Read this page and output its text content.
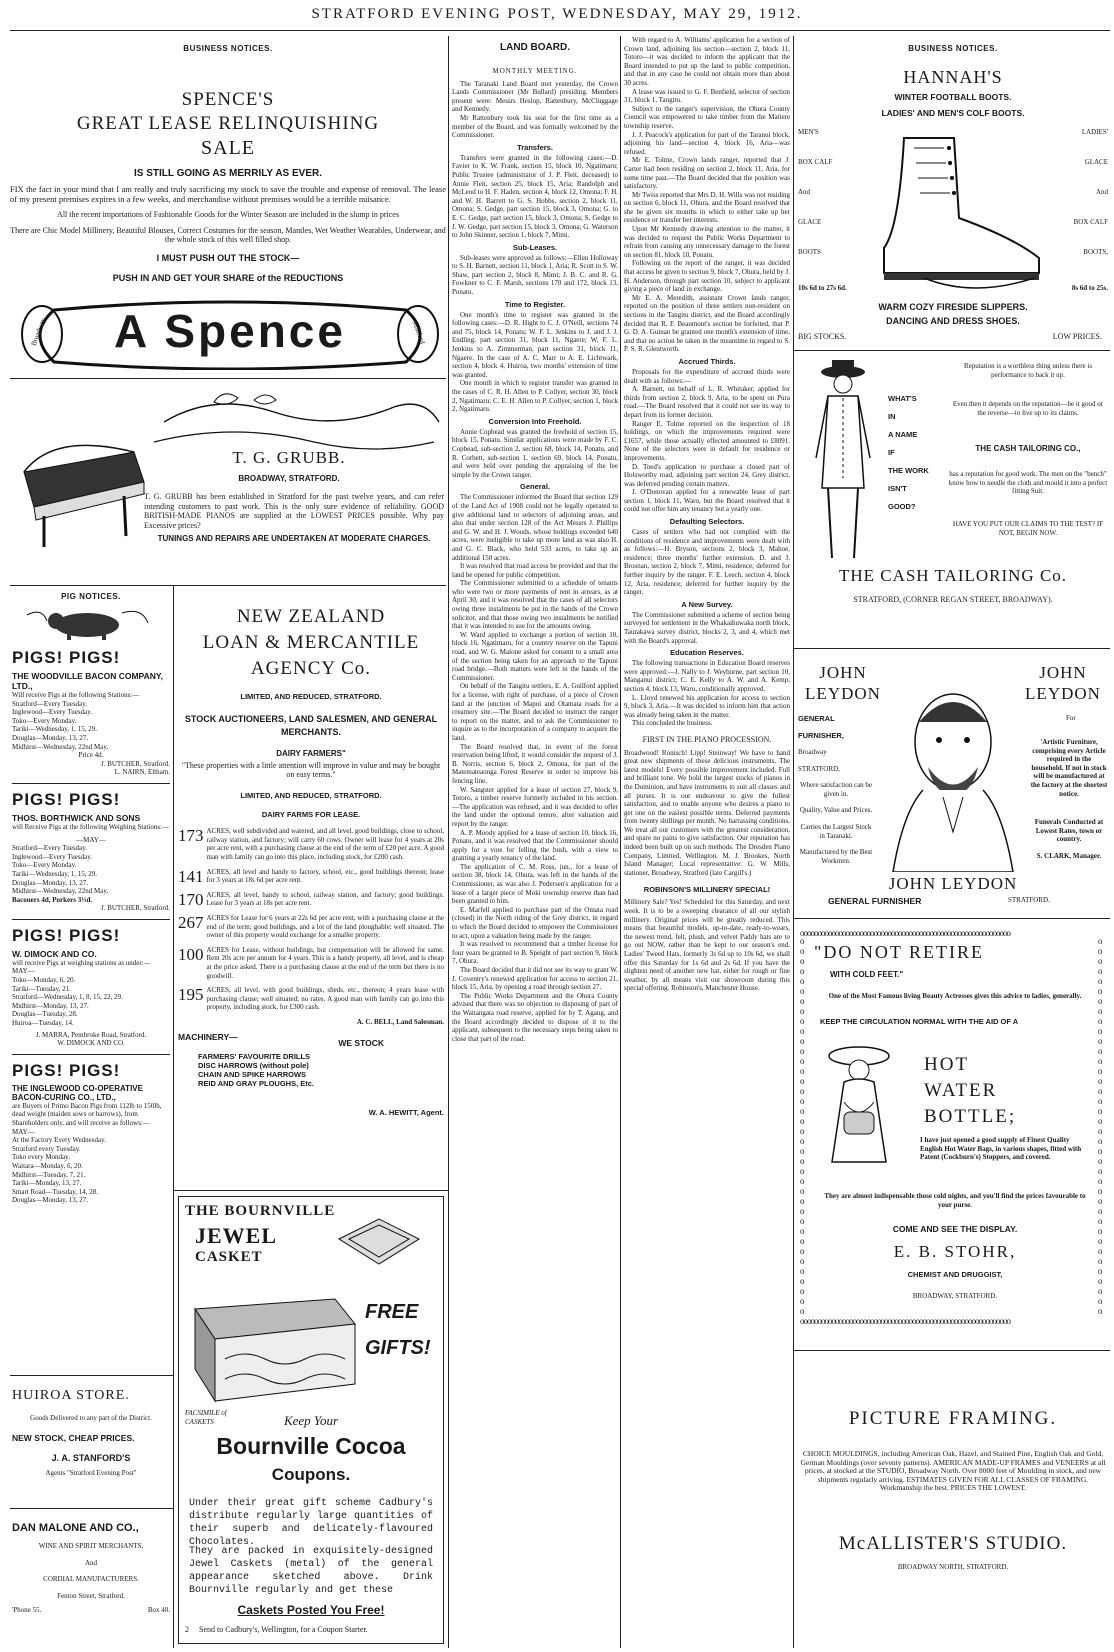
STRATFORD EVENING POST, WEDNESDAY, MAY 29, 1912.
BUSINESS NOTICES.
SPENCE'S
GREAT LEASE RELINQUISHING
SALE
IS STILL GOING AS MERRILY AS EVER.
FIX the fact in your mind that I am really and truly sacrificing my stock to save the trouble and expense of removal. The lease of my present premises expires in a few weeks, and merchandise without premises would be a terrible nuisance.
All the recent importations of Fashionable Goods for the Winter Season are included in the slump in prices
There are Chic Model Millinery, Beautiful Blouses, Correct Costumes for the season, Mantles, Wet Weather Wearables, Underwear, and the whole stock of this well filled shop.
I MUST PUSH OUT THE STOCK—
PUSH IN AND GET YOUR SHARE of the REDUCTIONS
A Spence
Broadway	Stratford
T. G. GRUBB.
BROADWAY, STRATFORD.
T. G. GRUBB has been established in Stratford for the past twelve years, and can refer intending customers to past work. This is the only sure evidence of reliability. GOOD BRITISH-MADE PIANOS are supplied at the LOWEST PRICES possible. Why pay Excessive prices?
TUNINGS AND REPAIRS ARE UNDERTAKEN AT MODERATE CHARGES.
PIG NOTICES.
PIGS! PIGS!
THE WOODVILLE BACON COMPANY, LTD.,
Will receive Pigs at the following Stations:—
Stratford—Every Tuesday.
Inglewood—Every Tuesday.
Toko—Every Monday.
Tariki—Wednesday, 1, 15, 29.
Douglas—Monday, 13, 27.
Midhirst—Wednesday, 22nd May.
Price 4d.
J. BUTCHER, Stratford.
L. NAIRN, Eltham.
PIGS! PIGS!
THOS. BORTHWICK AND SONS
will Receive Pigs at the following Weighing Stations:—
—MAY—
Stratford—Every Tuesday.
Inglewood—Every Tuesday.
Toko—Every Monday.
Tariki—Wednesday, 1, 15, 29.
Douglas—Monday, 13, 27.
Midhirst—Wednesday, 22nd May.
Baconers 4d, Porkers 3½d.
J. BUTCHER, Stratford.
PIGS! PIGS!
W. DIMOCK AND CO.
will receive Pigs at weighing stations as under:—
MAY—
Toko—Monday, 6, 20.
Tariki—Tuesday, 21.
Stratford—Wednesday, 1, 8, 15, 22, 29.
Midhirst—Monday, 13, 27.
Douglas—Tuesday, 28.
Huiroa—Tuesday, 14.
J. MARRA, Pembroke Road, Stratford.
W. DIMOCK AND CO.
PIGS! PIGS!
THE INGLEWOOD CO-OPERATIVE BACON-CURING CO., LTD.,
are Buyers of Primo Bacon Pigs from 112lb to 150lb, dead weight (maiden sows or barrows), from Shareholders only, and will receive as follows:—
MAY—
At the Factory Every Wednesday.
Stratford every Tuesday.
Toko every Monday.
Waitara—Monday, 6, 20.
Midhirst—Tuesday, 7, 21.
Tariki—Monday, 13, 27.
Smart Road—Tuesday, 14, 28.
Douglas—Monday, 13, 27.
HUIROA STORE.
Goods Delivered to any part of the District.
NEW STOCK, CHEAP PRICES.
J. A. STANFORD'S
Agents "Stratford Evening Post"
DAN MALONE AND CO.,
WINE AND SPIRIT MERCHANTS,
And
CORDIAL MANUFACTURERS.
Fenton Street, Stratford.
'Phone 55.	Box 48.
NEW ZEALAND
LOAN & MERCANTILE
AGENCY Co.
LIMITED, AND REDUCED, STRATFORD.
STOCK AUCTIONEERS, LAND SALESMEN, AND GENERAL MERCHANTS.
DAIRY FARMERS"
"These properties with a little attention will improve in value and may be bought on easy terms."
LIMITED, AND REDUCED, STRATFORD.
DAIRY FARMS FOR LEASE.
173 ACRES, well subdivided and watered, and all level, good buildings, close to school, railway station, and factory; will carry 60 cows. Owner will lease for 4 years at 20s per acre rent, with a purchasing clause at the end of the term of £20 per acre. A good man with family can go into this place, including stock, for £200 cash.
141 ACRES, all level and handy to factory, school, etc., good buildings thereon; lease for 3 years at 18s 6d per acre rent.
170 ACRES, all level, handy to school, railway station, and factory; good buildings. Lease for 3 years at 18s per acre rent.
267 ACRES for Lease for 6 years at 22s 6d per acre rent, with a purchasing clause at the end of the term; good buildings, and a lot of the land ploughable; well situated. The owner of this property would exchange for a smaller property.
100 ACRES for Lease, without buildings, but compensation will be allowed for same. Rent 20s acre per annum for 4 years. This is a handy property, all level, and is cheap at the price asked. There is a purchasing clause at the end of the term but there is no goodwill.
195 ACRES, all level, with good buildings, sheds, etc., thereon; 4 years lease with purchasing clause; well situated; no rates. A good man with family can go into this property, including stock, for £300 cash.
A. C. BELL, Land Salesman.
MACHINERY—
WE STOCK
FARMERS' FAVOURITE DRILLS
DISC HARROWS (without pole)
CHAIN AND SPIKE HARROWS
REID AND GRAY PLOUGHS, Etc.
W. A. HEWITT, Agent.
THE BOURNVILLE
JEWEL
CASKET
FREE
GIFTS!
FACSIMILE of CASKETS	Keep Your
Bournville Cocoa
Coupons.
Under their great gift scheme Cadbury's distribute regularly large quantities of their superb and delicately-flavoured Chocolates.
They are packed in exquisitely-designed Jewel Caskets (metal) of the general appearance sketched above. Drink Bournville regularly and get these
Caskets Posted You Free!
Send to Cadbury's, Wellington, for a Coupon Starter.
2
LAND BOARD.
MONTHLY MEETING.
The Taranaki Land Board met yesterday, the Crown Lands Commissioner (Mr Bullard) presiding. Members present were: Messrs Heslop, Rattenbury, McCluggage and Kennedy.
Mr Rattenbury took his seat for the first time as a member of the Board, and was formally welcomed by the Commissioner.
Transfers.
Transfers were granted in the following cases:—D. Favier to K. W. Frank, section 15, block 10, Ngatimaru; Public Trustee (administrator of J. P. Fleit, deceased) to Annie Fleit, section 25, block 15, Aria; Randolph and McLeod to H. F. Haden, section 4, block 12, Omona; F. H. and W. H. Barrett to G. S. Hobbs, section 2, block 11, Omona; S. Gedge, part section 15, block 3, Omona; G. to E. C. Gedge, part section 15, block 3, Omona; S. Gedge to J. W. Gedge, part section 15, block 3, Omona; G. Waterson to John Skinner, section 1, block 7, Mimi.
Sub-Leases.
Sub-leases were approved as follows:—Ellen Holloway to S. H. Barnett, section 11, block 1, Aria; R. Scott to S. W. Shaw, part section 2, block 8, Mimi; J. B. C. and R. G. Fowkner to C. F. Marsh, sections 170 and 172, block 13, Ponatu.
Time to Register.
One month's time to register was granted in the following cases:—D. R. Hight to C. J. O'Neill, sections 74 and 75, block 14, Ponatu; W. F. L. Jenkins to J. and J. J. Endling, part section 31, block 11, Ngaere; W. F. L. Jenkins to A. Zimmerman, part section 31, block 11, Ngaere. In the case of A. C. Marr to A. E. Lichtwark, section 4, block 4, Huiroa, two months' extension of time was granted.
One month in which to register transfer was granted in the cases of C. R. H. Allen to P. Collyer, section 30, block 2, Ngatimaru; C. E. H. Allen to P. Collyer, section 1, block 2, Ngatimaru.
Conversion Into Freehold.
Annie Copbead was granted the freehold of section 15, block 15, Ponatu. Similar applications were made by F. C. Copbead, sub-section 2, section 68, block 14, Ponatu, and R. Corbett, sub-section 1, section 69, block 14, Ponatu, and were held over pending the appraising of the fee simple by the Crown ranger.
General.
The Commissioner informed the Board that section 129 of the Land Act of 1908 could not be legally operated to give additional land to selectors of adjoining areas, and also that under section 128 of the Act Messrs J. Phillips and G. W. and H. J. Woods, whose holdings exceeded 640 acres, were ineligible to take up more land as was also H. and G. C. Black, who held 533 acres, to take up an additional 150 acres.
It was resolved that road access be provided and that the land be opened for public competition.
The Commissioner submitted to a schedule of tenants who were two or more payments of rent in arrears, as at April 30, and it was resolved that the cases of all selectors owing three instalments be put in the hands of the Crown solicitor, and that those owing two instalments be notified that it was intended to sue for the amounts owing.
W. Ward applied to exchange a portion of section 10, block 16, Ngatimaru, for a country reserve on the Tapuni road, and W. G. Malone asked for consent to a small area of the section being taken for an approach to the Tapuni road bridge.—Both matters were left in the hands of the Commissioner.
On behalf of the Tangitu settlers, E. A. Guilford applied for a license, with right of purchase, of a piece of Crown land at the junction of Mapui and Otamata roads for a creamery site.—The Board decided to instruct the ranger to report on the matter, and to ask the Commissioner to inquire as to the incorporation of a company to acquire the land.
The Board resolved that, in event of the forest reservation being lifted, it would consider the request of J. B. Norris, section 6, block 2, Omona, for part of the Matemateaonga Forest Reserve in order to improve his fencing line.
W. Sangster applied for a lease of section 27, block 9, Totoro, a timber reserve formerly included in his section.—The application was refused, and it was decided to offer the land under the optional tenure, after valuation and report by the ranger.
A. P. Moody applied for a lease of section 10, block 16, Ponatu, and it was resolved that the Commissioner should apply for a vote for felling the bush, with a view to granting a yearly tenancy of the land.
The application of C. M. Ross, jun., for a lease of section 38, block 14, Ohura, was left in the hands of the Commissioner, as was also J. Pedersen's application for a lease of a larger piece of Moki township reserve than had been granted to him.
E. Marfell applied to purchase part of the Omata road (closed) in the North riding of the Grey district, in regard to which the Board decided to empower the Commissioner to act, upon a valuation being made by the ranger.
It was resolved to recommend that a timber license for four years be granted to B. Speight of part section 9, block 7, Ohura.
The Board decided that it did not see its way to grant W. J. Coventry's renewed application for access to section 21, block 15, Aria, by opening a road through section 27.
The Public Works Department and the Ohura County advised that there was no objection to disposing of part of the Waitangata road reserve, applied for by T. Agang, and the Board accordingly decided to dispose of it to the applicant, subsequent to the necessary steps being taken to close that part of the road.
With regard to A. Williams' application for a section of Crown land, adjoining his section—section 2, block 11, Totoro—it was decided to inform the applicant that the Board intended to put up the land to public competition, and that in any case he could not obtain more than about 30 acres.
A lease was issued to G. F. Benfield, selector of section 31, block 1, Tangitu.
Subject to the ranger's supervision, the Ohura County Council was empowered to take timber from the Matiere township reserve.
J. J. Peacock's application for part of the Taranui block, adjoining his land—section 4, block 16, Aria—was refused.
Mr E. Tolme, Crown lands ranger, reported that J. Carter had been residing on section 2, block 11, Aria, for some time past.—The Board decided that the position was satisfactory.
Mr Twiss reported that Mrs D. H. Wills was not residing on section 6, block 11, Ohura, and the Board resolved that she be given six months in which to either take up her residence or transfer her interests.
Upon Mr Kennedy drawing attention to the matter, it was decided to request the Public Works Department to refrain from causing any unnecessary damage to the forest on section 81, block 10, Ponatu.
Following on the report of the ranger, it was decided that access be given to section 9, block 7, Ohura, held by J. H. Anderson, through part section 10, subject to applicant giving a piece of land in exchange.
Mr E. A. Meredith, assistant Crown lands ranger, reported on the position of three settlers non-resident on sections in the Tangitu district, and the Board accordingly decided that R. F. Beaumont's section be forfeited, that P. G. D. A. Guinan be granted one month's extension of time, and that no action be taken in the meantime in regard to S. P. S. R. Glentworth.
Accrued Thirds.
Proposals for the expenditure of accrued thirds were dealt with as follows:—
A. Barnett, on behalf of L. R. Whitaker, applied for thirds from section 2, block 9, Aria, to be spent on Pura road.—The Board resolved that it could not see its way to depart from its former decision.
Ranger E. Tolme reported on the inspection of 18 holdings, on which the improvements required were £1657, while those actually effected amounted to £8091. None of the selectors were in default for residence or improvements.
D. Toed's application to purchase a closed part of Holsworthy road, adjoining part section 24, Grey district, was deferred pending certain matters.
J. O'Donovan applied for a renewable lease of part section 1, block 11, Waro, but the Board resolved that it could not offer him any tenancy but a yearly one.
Defaulting Selectors.
Cases of settlers who had not complied with the conditions of residence and improvements were dealt with as follows:—H. Bryson, sections 2, block 3, Mahoe, residence; three months' further extension. D. and J. Brosnan, section 2, block 7, Mimi, residence; deferred for further inquiry by the ranger. F. E. Leech, section 4, block 12, Aria, residence; deferred for further inquiry by the ranger.
A New Survey.
The Commissioner submitted a scheme of section being surveyed for settlement in the Whakaihuwaka north block, Taurakawa survey district, blocks 2, 3, and 4, which met with the Board's approval.
Education Reserves.
The following transactions in Education Board reserves were approved:—J. Nally to J. Weyburne, part section 10, Manganui district; C. E. Kelly to A. W. and A. Kemp, section 4, block 13, Waro, conditionally approved.
L. Lloyd renewed his application for access to section 9, block 3, Aria.—It was decided to inform him that action was already being taken in the matter.
This concluded the business.
FIRST IN THE PIANO PROCESSION.
Broadwood! Ronisch! Lipp! Steinway! We have to hand great new shipments of these delicious instruments. The latest models! Every possible improvement included. Full and brilliant tone. We hold the largest stocks of pianos in the Dominion, and have instruments to suit all classes and all purses. It is our endeavour to give the fullest satisfaction, and to enable anyone who desires a piano to get one on the easiest possible terms. Deferred payments from twenty shillings per month. No harrassing conditions. We treat all our customers with the greatest consideration, and spare no pains to give satisfaction. Our reputation has indeed been built up on such methods. The Dresden Piano Company, Limited, Wellington. M. J. Brookes, North Island Manager; Local representative: G. W. Mills, stationer, Broadway, Stratford (late Cargill's.)
ROBINSON'S MILLINERY SPECIAL!
Millinery Sale? Yes! Scheduled for this Saturday, and next week. It is to be a sweeping clearance of all our stylish millinery. Original prices will be greatly reduced. This means that beautiful models, up-to-date, ready-to-wears, the newest trend, felt, plush, and velvet Paddy hats are to go out NOW, rather than be kept to our season's end. Ladies' Tweed Hats, formerly 3s 6d up to 10s 6d, we shall offer this Saturday for 1s 6d and 2s 6d. If you have the slightest need of another new hat, either for rough or fine weather, by all means visit our showroom during this special offering. Robinson's, Manchester House.
BUSINESS NOTICES.
HANNAH'S
WINTER FOOTBALL BOOTS.
LADIES' AND MEN'S COLF BOOTS.
MEN'S
BOX CALF
And
GLACE
BOOTS
LADIES'
GLACE
And
BOX CALF
BOOTS,
10s 6d to 27s 6d.	8s 6d to 25s.
WARM COZY FIRESIDE SLIPPERS.
DANCING AND DRESS SHOES.
BIG STOCKS.	LOW PRICES.
WHAT'S
IN
A NAME
IF
THE WORK
ISN'T
GOOD?
Reputation is a worthless thing unless there is performance to back it up.
Even then it depends on the reputation—be it good or the reverse—to live up to its claims.
THE CASH TAILORING CO.,
has a reputation for good work. The men on the "bench" know how to needle the cloth and mould it into a perfect fitting Suit.
HAVE YOU PUT OUR CLAIMS TO THE TEST? IF NOT, BEGIN NOW.
THE CASH TAILORING Co.
STRATFORD, (CORNER REGAN STREET, BROADWAY).
JOHN LEYDON
JOHN LEYDON
GENERAL
FURNISHER,
Broadway
STRATFORD,
Where satisfaction can be given in.
Quality, Value and Prices.
Carries the Largest Stock in Taranaki.
Manufactured by the Best Workmen.
For
'Artistic Furniture, comprising every Article required in the household. If not in stock will be manufactured at the factory at the shortest notice.
Funerals Conducted at Lowest Rates, town or country.
S. CLARK, Manager.
JOHN LEYDON
GENERAL FURNISHER	STRATFORD.
οοοοοοοοοοοοοοοοοοοοοοοοοοοοοοοοοοοοοοοοοοοοοοοοοοοοοοοοοοοο
οοοοοοοοοοοοοοοοοοοοοοοοοοοοοοοοοοοοοοοοοοοοοοοοοοοοοοοοοοοο
ο
ο
ο
ο
ο
ο
ο
ο
ο
ο
ο
ο
ο
ο
ο
ο
ο
ο
ο
ο
ο
ο
ο
ο
ο
ο
ο
ο
ο
ο
ο
ο
ο
ο
ο
ο
ο
ο
ο
ο
ο
ο
ο
ο
ο
ο
ο
ο
ο
ο
ο
ο
ο
ο
ο
ο
ο
ο
ο
ο
ο
ο
ο
ο
ο
ο
ο
ο
ο
ο
ο
ο
ο
ο
ο
ο
"DO NOT RETIRE
WITH COLD FEET."
One of the Most Famous living Beauty Actresses gives this advice to ladies, generally.
KEEP THE CIRCULATION NORMAL WITH THE AID OF A
HOT
WATER
BOTTLE;
I have just opened a good supply of Finest Quality English Hot Water Bags, in various shapes, fitted with Patent (Cockburn's) Stoppers, and covered.
They are almost indispensable those cold nights, and you'll find the prices favourable to your purse.
COME AND SEE THE DISPLAY.
E. B. STOHR,
CHEMIST AND DRUGGIST,
BROADWAY, STRATFORD.
PICTURE FRAMING.
CHOICE MOULDINGS, including American Oak, Hazel, and Stained Pine, English Oak and Gold, German Mouldings (over seventy patterns). AMERICAN MADE-UP FRAMES and VENEERS at all prices, at stocked at the STUDIO, Broadway North. Over 8000 feet of Moulding in stock, and new shipments regularly arriving. ESTIMATES GIVEN FOR ALL CLASSES OF FRAMING. Workmanship the best. PRICES THE LOWEST.
McALLISTER'S STUDIO.
BROADWAY NORTH, STRATFORD.
